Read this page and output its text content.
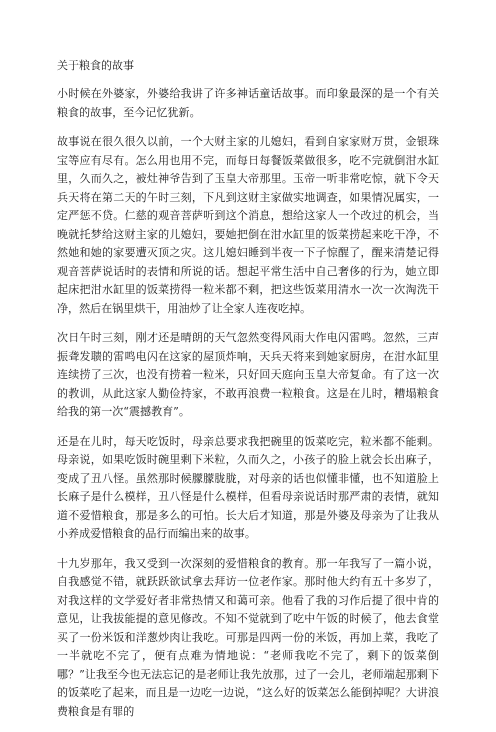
关于粮食的故事

小时候在外婆家，外婆给我讲了许多神话童话故事。而印象最深的是一个有关粮食的故事，至今记忆犹新。

故事说在很久很久以前，一个大财主家的儿媳妇，看到自家家财万贯，金银珠宝等应有尽有。怎么用也用不完，而每日每餐饭菜做很多，吃不完就倒泔水缸里，久而久之，被灶神爷告到了玉皇大帝那里。玉帝一听非常吃惊，就下令天兵天将在第二天的午时三刻，下凡到这财主家做实地调查，如果情况属实，一定严惩不贷。仁慈的观音菩萨听到这个消息，想给这家人一个改过的机会，当晚就托梦给这财主家的儿媳妇，要她把倒在泔水缸里的饭菜捞起来吃干净，不然她和她的家要遭灭顶之灾。这儿媳妇睡到半夜一下子惊醒了，醒来清楚记得观音菩萨说话时的表情和所说的话。想起平常生活中自己奢侈的行为，她立即起床把泔水缸里的饭菜捞得一粒米都不剩，把这些饭菜用清水一次一次淘洗干净，然后在锅里烘干，用油炒了让全家人连夜吃掉。

次日午时三刻，刚才还是晴朗的天气忽然变得风雨大作电闪雷鸣。忽然，三声振聋发聩的雷鸣电闪在这家的屋顶炸响，天兵天将来到她家厨房，在泔水缸里连续捞了三次，也没有捞着一粒米，只好回天庭向玉皇大帝复命。有了这一次的教训，从此这家人勤俭持家，不敢再浪费一粒粮食。这是在儿时，糟塌粮食给我的第一次“震撼教育”。

还是在儿时，每天吃饭时，母亲总要求我把碗里的饭菜吃完，粒米都不能剩。母亲说，如果吃饭时碗里剩下米粒，久而久之，小孩子的脸上就会长出麻子，变成了丑八怪。虽然那时候朦朦胧胧，对母亲的话也似懂非懂，也不知道脸上长麻子是什么模样，丑八怪是什么模样，但看母亲说话时那严肃的表情，就知道不爱惜粮食，那是多么的可怕。长大后才知道，那是外婆及母亲为了让我从小养成爱惜粮食的品行而编出来的故事。

十九岁那年，我又受到一次深刻的爱惜粮食的教育。那一年我写了一篇小说，自我感觉不错，就跃跃欲试拿去拜访一位老作家。那时他大约有五十多岁了，对我这样的文学爱好者非常热情又和蔼可亲。他看了我的习作后提了很中肯的意见，让我拔能提的意见修改。不知不觉就到了吃中午饭的时候了，他去食堂买了一份米饭和洋葱炒肉让我吃。可那是四两一份的米饭，再加上菜，我吃了一半就吃不完了，便有点难为情地说：“老师我吃不完了，剩下的饭菜倒哪？”让我至今也无法忘记的是老师让我先放那，过了一会儿，老师端起那剩下的饭菜吃了起来，而且是一边吃一边说，“这么好的饭菜怎么能倒掉呢？大讲浪费粮食是有罪的
